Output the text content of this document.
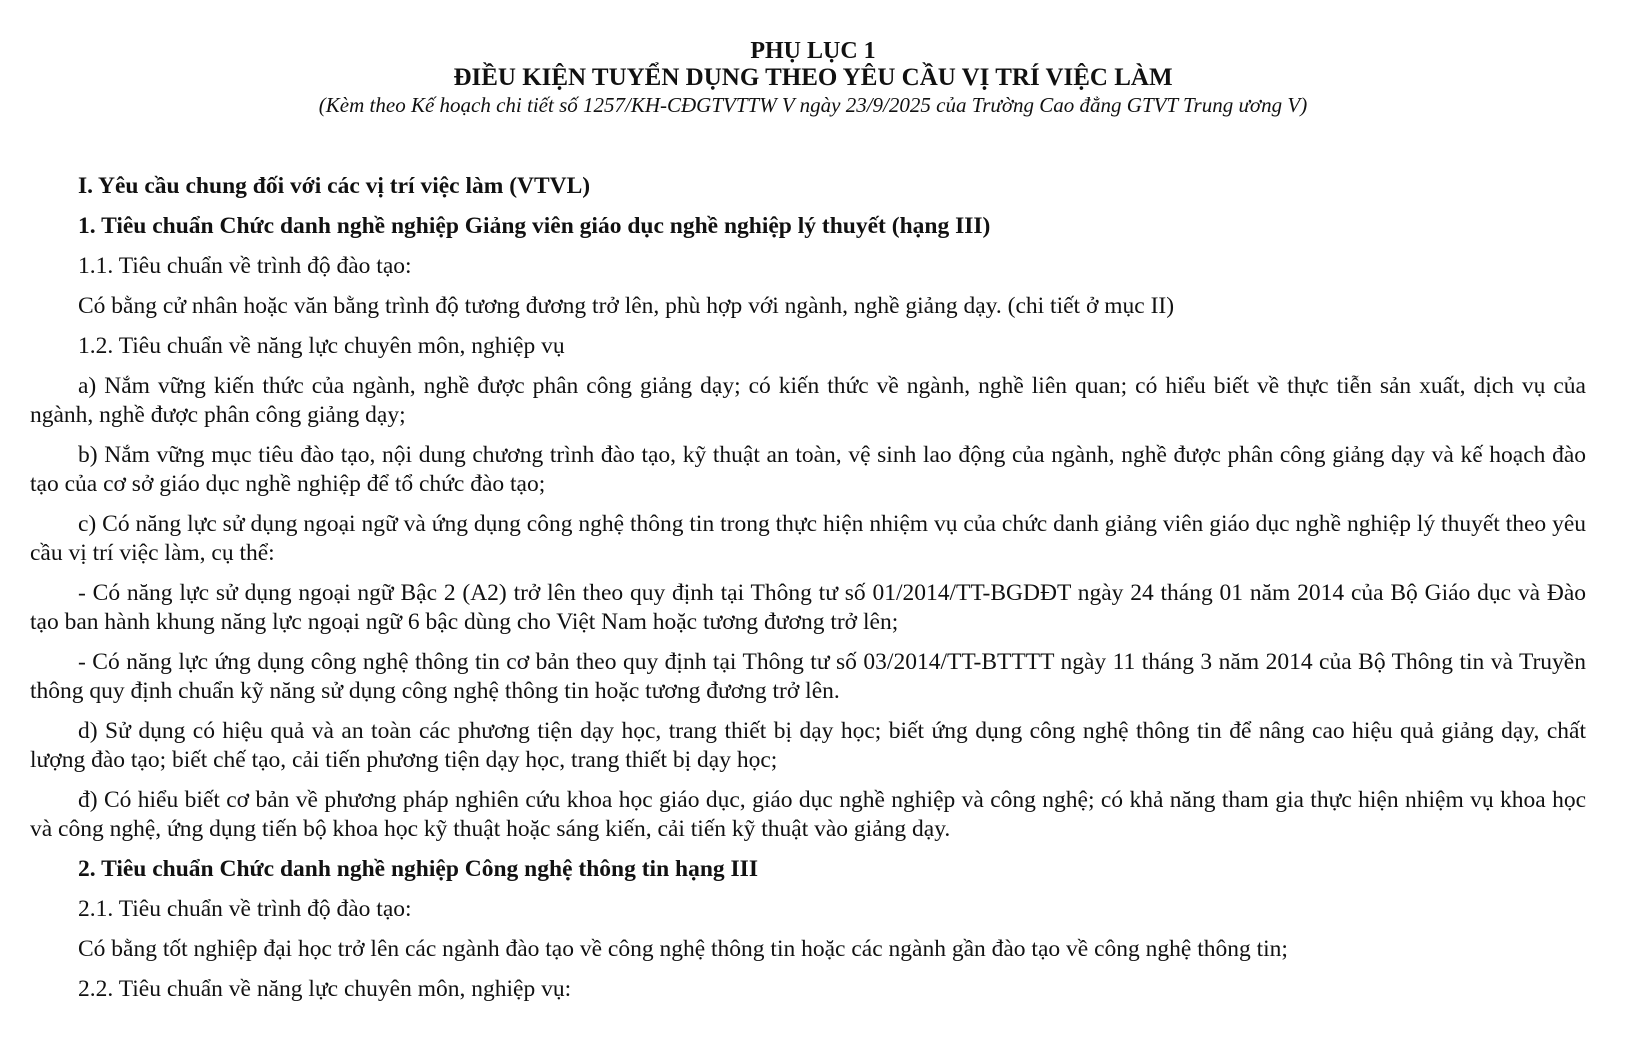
PHỤ LỤC 1
ĐIỀU KIỆN TUYỂN DỤNG THEO YÊU CẦU VỊ TRÍ VIỆC LÀM
(Kèm theo Kế hoạch chi tiết số 1257/KH-CĐGTVTTW V ngày 23/9/2025 của Trường Cao đẳng GTVT Trung ương V)

I. Yêu cầu chung đối với các vị trí việc làm (VTVL)

1. Tiêu chuẩn Chức danh nghề nghiệp Giảng viên giáo dục nghề nghiệp lý thuyết (hạng III)

1.1. Tiêu chuẩn về trình độ đào tạo:

Có bằng cử nhân hoặc văn bằng trình độ tương đương trở lên, phù hợp với ngành, nghề giảng dạy. (chi tiết ở mục II)

1.2. Tiêu chuẩn về năng lực chuyên môn, nghiệp vụ

a) Nắm vững kiến thức của ngành, nghề được phân công giảng dạy; có kiến thức về ngành, nghề liên quan; có hiểu biết về thực tiễn sản xuất, dịch vụ của ngành, nghề được phân công giảng dạy;

b) Nắm vững mục tiêu đào tạo, nội dung chương trình đào tạo, kỹ thuật an toàn, vệ sinh lao động của ngành, nghề được phân công giảng dạy và kế hoạch đào tạo của cơ sở giáo dục nghề nghiệp để tổ chức đào tạo;

c) Có năng lực sử dụng ngoại ngữ và ứng dụng công nghệ thông tin trong thực hiện nhiệm vụ của chức danh giảng viên giáo dục nghề nghiệp lý thuyết theo yêu cầu vị trí việc làm, cụ thể:

- Có năng lực sử dụng ngoại ngữ Bậc 2 (A2) trở lên theo quy định tại Thông tư số 01/2014/TT-BGDĐT ngày 24 tháng 01 năm 2014 của Bộ Giáo dục và Đào tạo ban hành khung năng lực ngoại ngữ 6 bậc dùng cho Việt Nam hoặc tương đương trở lên;

- Có năng lực ứng dụng công nghệ thông tin cơ bản theo quy định tại Thông tư số 03/2014/TT-BTTTT ngày 11 tháng 3 năm 2014 của Bộ Thông tin và Truyền thông quy định chuẩn kỹ năng sử dụng công nghệ thông tin hoặc tương đương trở lên.

d) Sử dụng có hiệu quả và an toàn các phương tiện dạy học, trang thiết bị dạy học; biết ứng dụng công nghệ thông tin để nâng cao hiệu quả giảng dạy, chất lượng đào tạo; biết chế tạo, cải tiến phương tiện dạy học, trang thiết bị dạy học;

đ) Có hiểu biết cơ bản về phương pháp nghiên cứu khoa học giáo dục, giáo dục nghề nghiệp và công nghệ; có khả năng tham gia thực hiện nhiệm vụ khoa học và công nghệ, ứng dụng tiến bộ khoa học kỹ thuật hoặc sáng kiến, cải tiến kỹ thuật vào giảng dạy.

2. Tiêu chuẩn Chức danh nghề nghiệp Công nghệ thông tin hạng III

2.1. Tiêu chuẩn về trình độ đào tạo:

Có bằng tốt nghiệp đại học trở lên các ngành đào tạo về công nghệ thông tin hoặc các ngành gần đào tạo về công nghệ thông tin;

2.2. Tiêu chuẩn về năng lực chuyên môn, nghiệp vụ:
